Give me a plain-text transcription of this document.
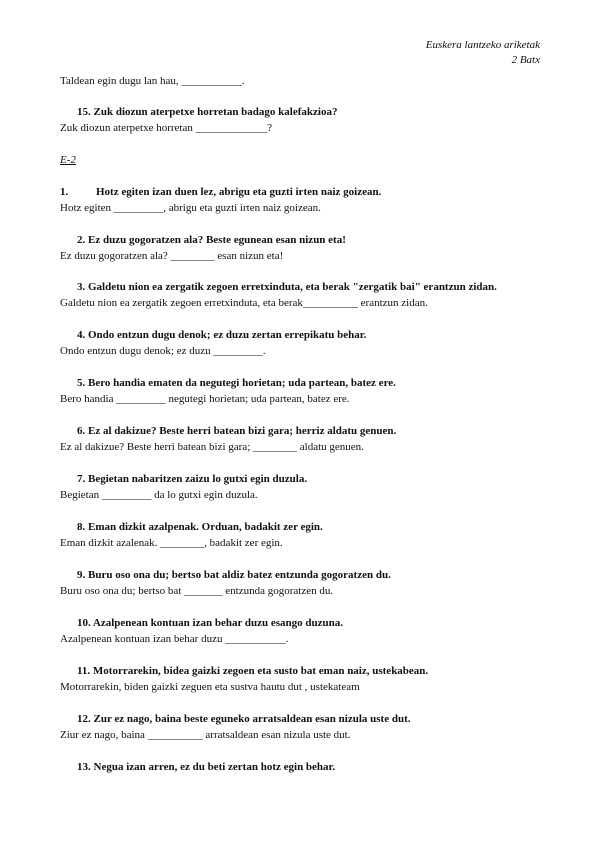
Euskera lantzeko ariketak
2 Batx
Taldean egin dugu lan hau, ___________.
15. Zuk diozun aterpetxe horretan badago kalefakzioa?
Zuk diozun aterpetxe horretan _____________?
E-2
1.	Hotz egiten izan duen lez, abrigu eta guzti irten naiz goizean.
Hotz egiten _________, abrigu eta guzti irten naiz goizean.
2. Ez duzu gogoratzen ala? Beste egunean esan nizun eta!
Ez duzu gogoratzen ala? ________ esan nizun eta!
3. Galdetu nion ea zergatik zegoen erretxinduta, eta berak "zergatik bai" erantzun zidan.
Galdetu nion ea zergatik zegoen erretxinduta, eta berak__________ erantzun zidan.
4. Ondo entzun dugu denok; ez duzu zertan errepikatu behar.
Ondo entzun dugu denok; ez duzu _________.
5. Bero handia ematen da negutegi horietan; uda partean, batez ere.
Bero handia _________ negutegi horietan; uda partean, batez ere.
6. Ez al dakizue? Beste herri batean bizi gara; herriz aldatu genuen.
Ez al dakizue? Beste herri batean bizi gara; ________ aldatu genuen.
7. Begietan nabaritzen zaizu lo gutxi egin duzula.
Begietan _________ da lo gutxi egin duzula.
8. Eman dizkit azalpenak. Orduan, badakit zer egin.
Eman dizkit azalenak. ________, badakit zer egin.
9. Buru oso ona du; bertso bat aldiz batez entzunda gogoratzen du.
Buru oso ona du; bertso bat _______ entzunda gogoratzen du.
10. Azalpenean kontuan izan behar duzu esango duzuna.
Azalpenean kontuan izan behar duzu ___________.
11. Motorrarekin, bidea gaizki zegoen eta susto bat eman naiz, ustekabean.
Motorrarekin, biden gaizki zeguen eta sustva hautu dut , ustekateam
12. Zur ez nago, baina beste eguneko arratsaldean esan nizula uste dut.
Ziur ez nago, baina __________ arratsaldean esan nizula uste dut.
13. Negua izan arren, ez du beti zertan hotz egin behar.
